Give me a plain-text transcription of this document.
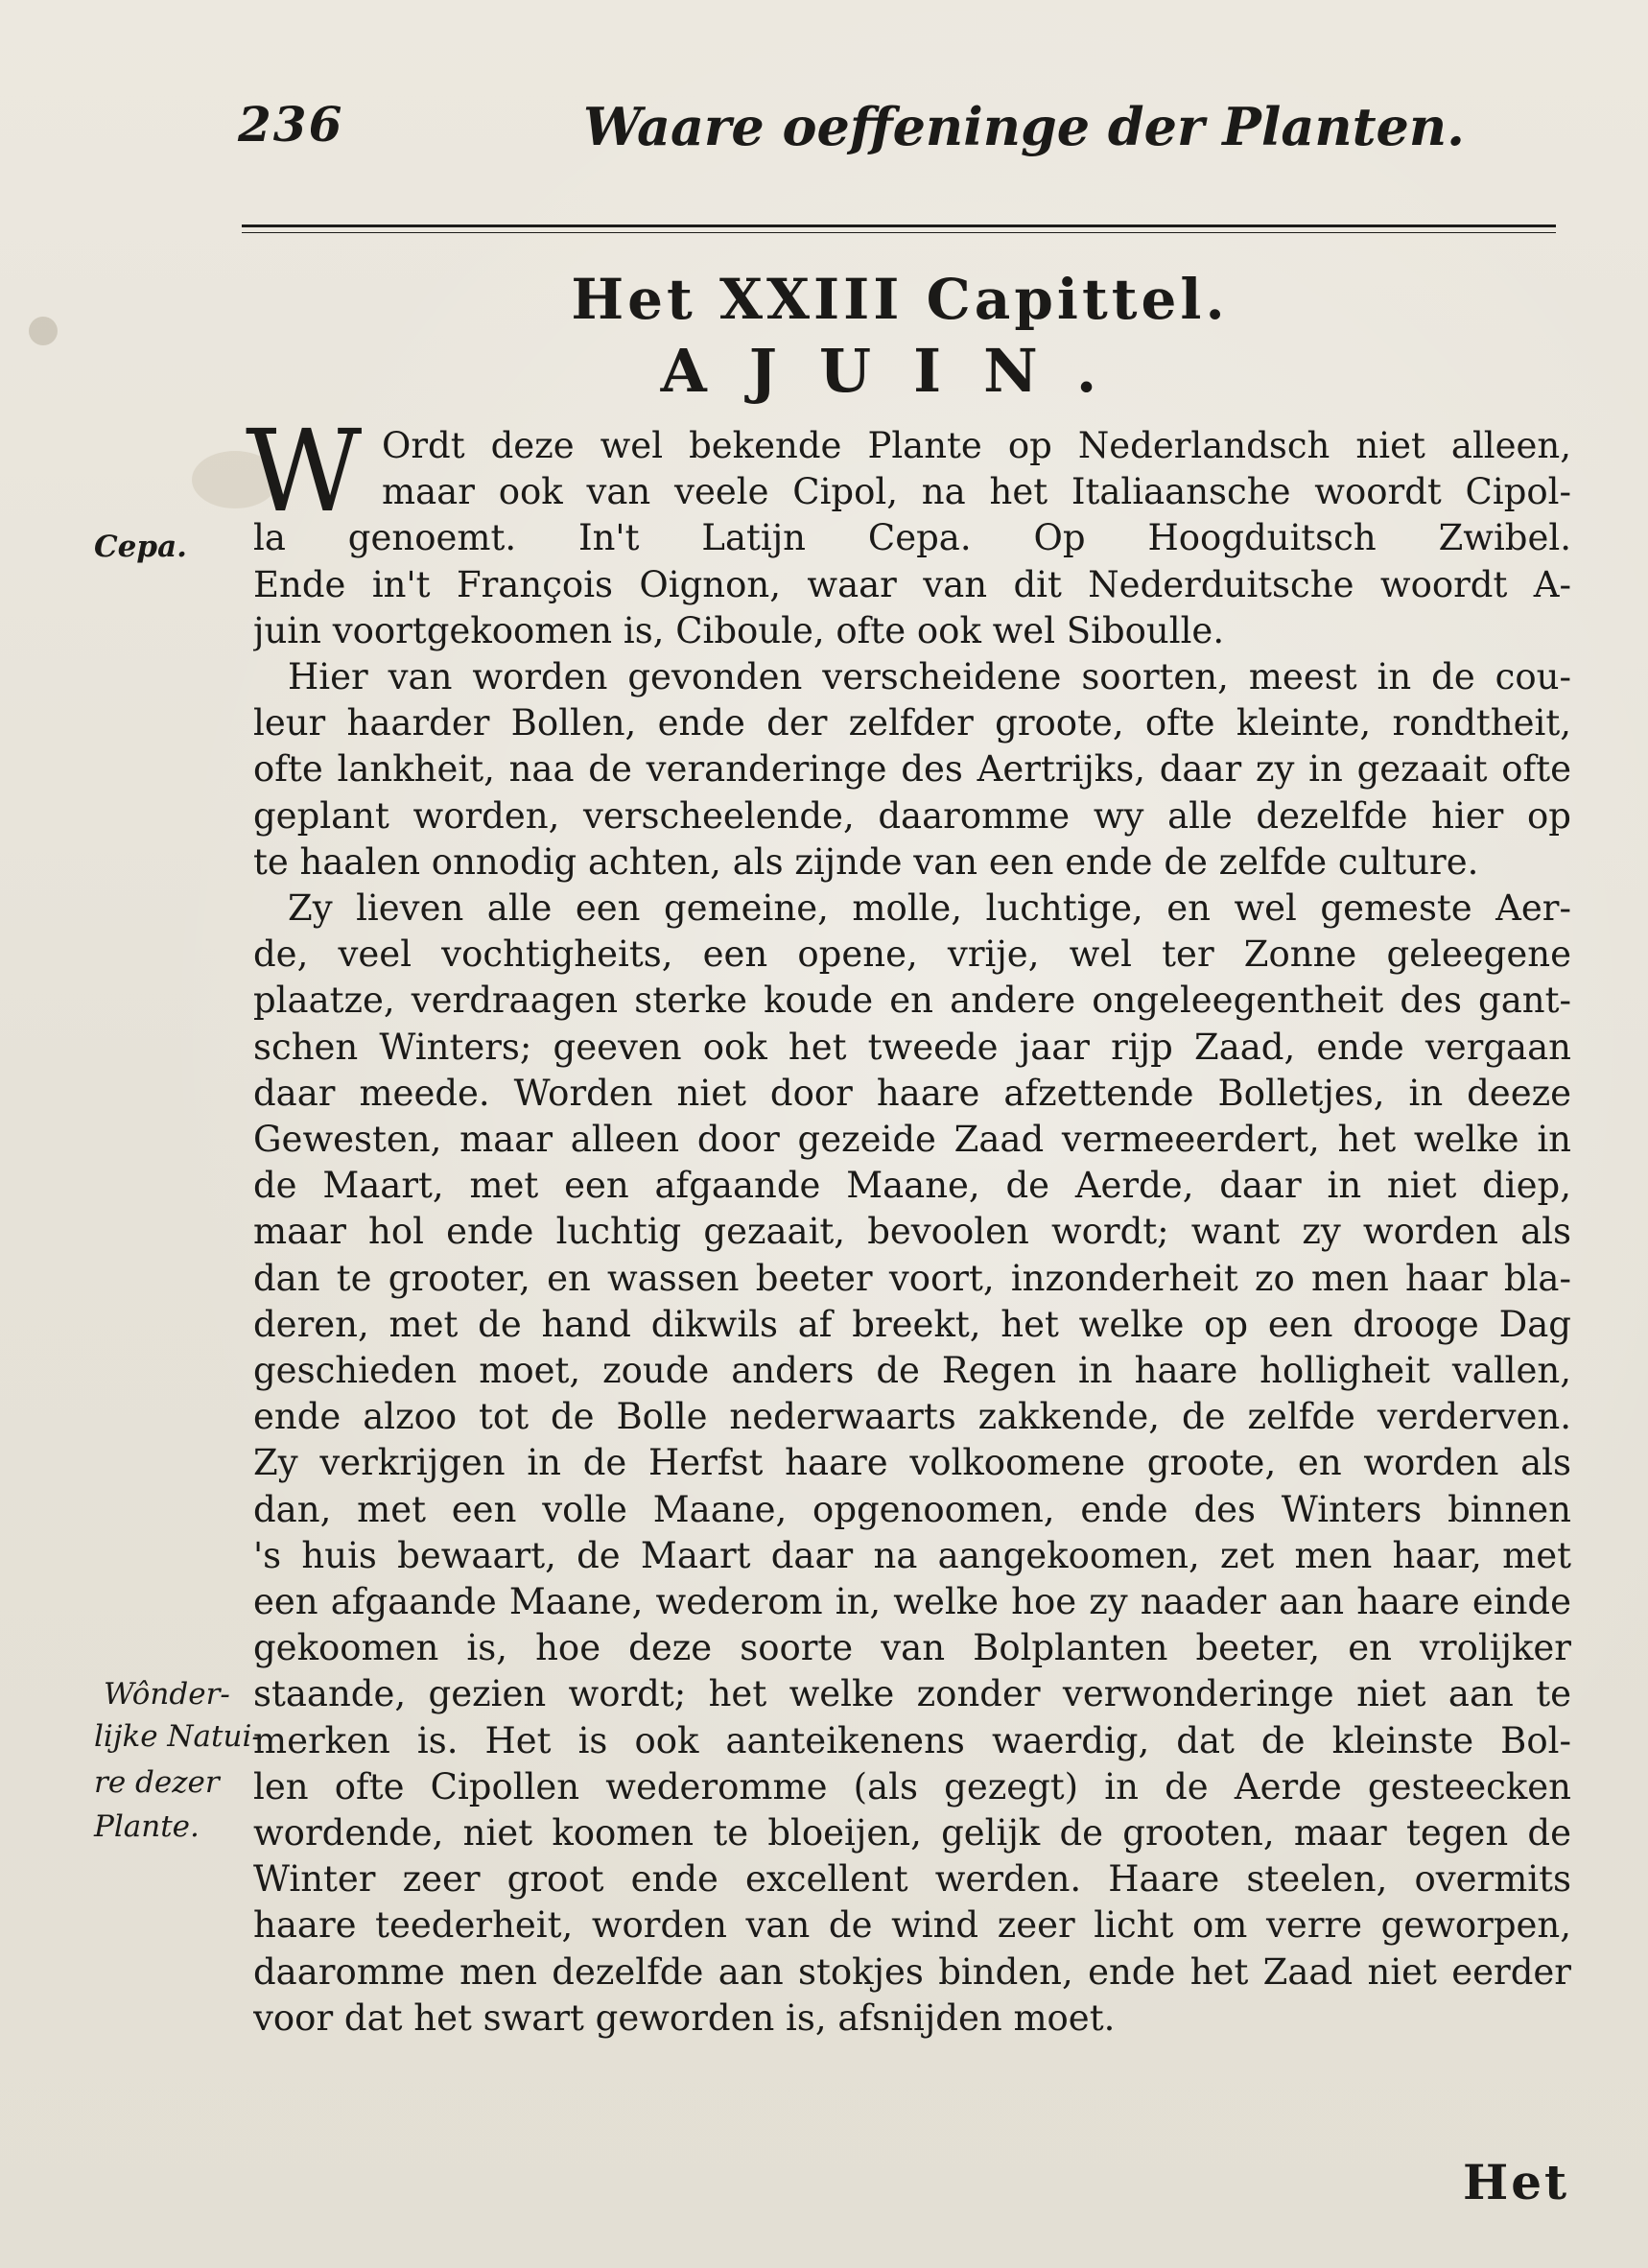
236	Waare oeffeninge der Planten.
Het XXIII Capittel.
AJUIN.
W Ordt deze wel bekende Plante op Nederlandsch niet alleen,
maar ook van veele Cipol, na het Italiaansche woordt Cipol-
la genoemt. In't Latijn Cepa. Op Hoogduitsch Zwibel.
Ende in't François Oignon, waar van dit Nederduitsche woordt A-
juin voortgekoomen is, Ciboule, ofte ook wel Siboulle.
Hier van worden gevonden verscheidene soorten, meest in de cou-
leur haarder Bollen, ende der zelfder groote, ofte kleinte, rondtheit,
ofte lankheit, naa de veranderinge des Aertrijks, daar zy in gezaait ofte
geplant worden, verscheelende, daaromme wy alle dezelfde hier op
te haalen onnodig achten, als zijnde van een ende de zelfde culture.
Zy lieven alle een gemeine, molle, luchtige, en wel gemeste Aer-
de, veel vochtigheits, een opene, vrije, wel ter Zonne geleegene
plaatze, verdraagen sterke koude en andere ongeleegentheit des gant-
schen Winters; geeven ook het tweede jaar rijp Zaad, ende vergaan
daar meede. Worden niet door haare afzettende Bolletjes, in deeze
Gewesten, maar alleen door gezeide Zaad vermeeerdert, het welke in
de Maart, met een afgaande Maane, de Aerde, daar in niet diep,
maar hol ende luchtig gezaait, bevoolen wordt; want zy worden als
dan te grooter, en wassen beeter voort, inzonderheit zo men haar bla-
deren, met de hand dikwils af breekt, het welke op een drooge Dag
geschieden moet, zoude anders de Regen in haare holligheit vallen,
ende alzoo tot de Bolle nederwaarts zakkende, de zelfde verderven.
Zy verkrijgen in de Herfst haare volkoomene groote, en worden als
dan, met een volle Maane, opgenoomen, ende des Winters binnen
's huis bewaart, de Maart daar na aangekoomen, zet men haar, met
een afgaande Maane, wederom in, welke hoe zy naader aan haare einde
gekoomen is, hoe deze soorte van Bolplanten beeter, en vrolijker
staande, gezien wordt; het welke zonder verwonderinge niet aan te
merken is. Het is ook aanteikenens waerdig, dat de kleinste Bol-
len ofte Cipollen wederomme (als gezegt) in de Aerde gesteecken
wordende, niet koomen te bloeijen, gelijk de grooten, maar tegen de
Winter zeer groot ende excellent werden. Haare steelen, overmits
haare teederheit, worden van de wind zeer licht om verre geworpen,
daaromme men dezelfde aan stokjes binden, ende het Zaad niet eerder
voor dat het swart geworden is, afsnijden moet.
Cepa.
Wônder-
lijke Natui-
re dezer
Plante.
Het
